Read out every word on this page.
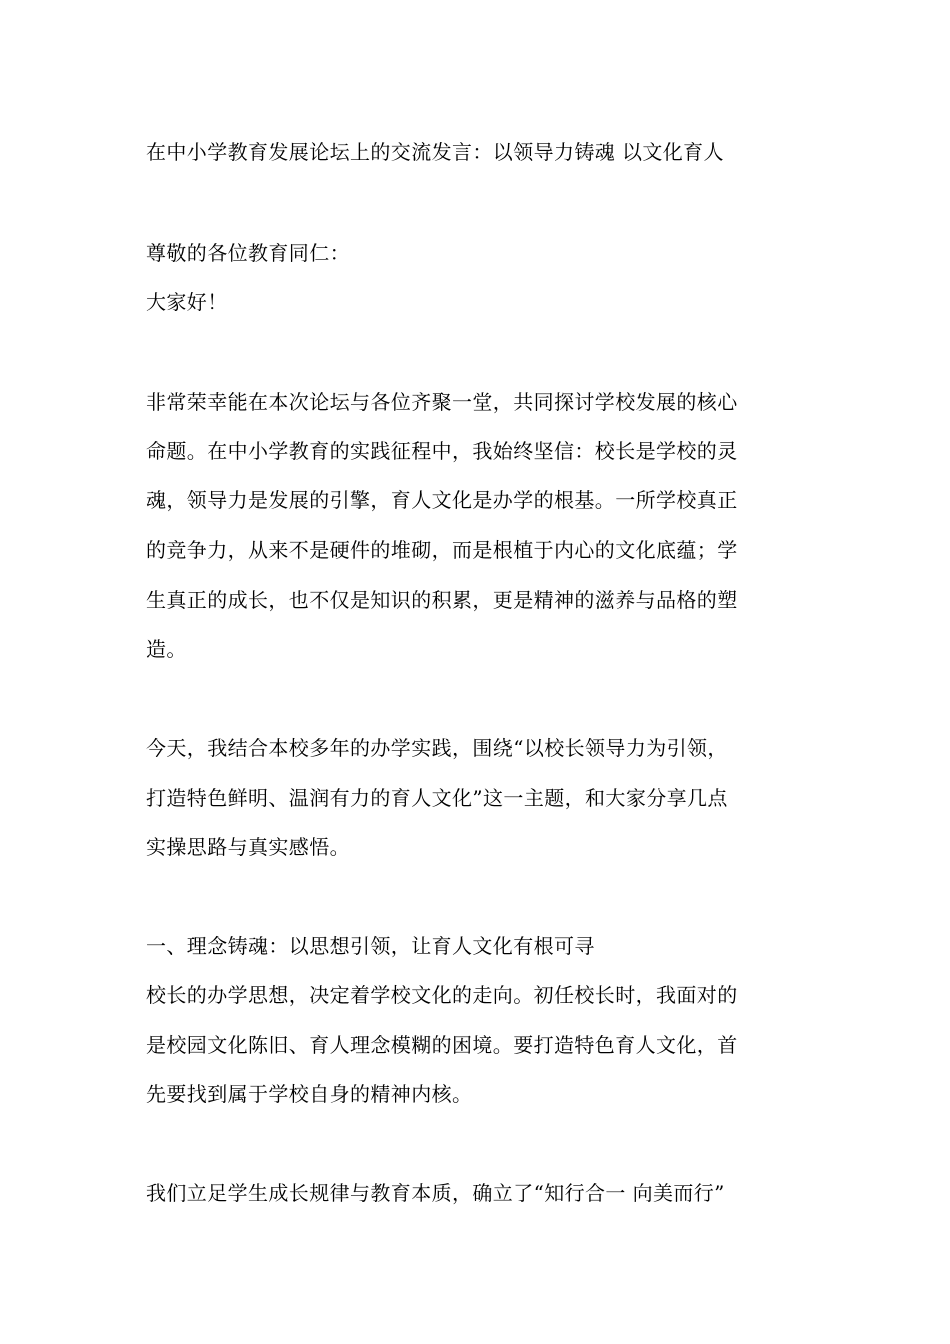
在中小学教育发展论坛上的交流发言：以领导力铸魂 以文化育人
尊敬的各位教育同仁：
大家好！
非常荣幸能在本次论坛与各位齐聚一堂，共同探讨学校发展的核心
命题。在中小学教育的实践征程中，我始终坚信：校长是学校的灵
魂，领导力是发展的引擎，育人文化是办学的根基。一所学校真正
的竞争力，从来不是硬件的堆砌，而是根植于内心的文化底蕴；学
生真正的成长，也不仅是知识的积累，更是精神的滋养与品格的塑
造。
今天，我结合本校多年的办学实践，围绕“以校长领导力为引领，
打造特色鲜明、温润有力的育人文化”这一主题，和大家分享几点
实操思路与真实感悟。
一、理念铸魂：以思想引领，让育人文化有根可寻
校长的办学思想，决定着学校文化的走向。初任校长时，我面对的
是校园文化陈旧、育人理念模糊的困境。要打造特色育人文化，首
先要找到属于学校自身的精神内核。
我们立足学生成长规律与教育本质，确立了“知行合一 向美而行”
